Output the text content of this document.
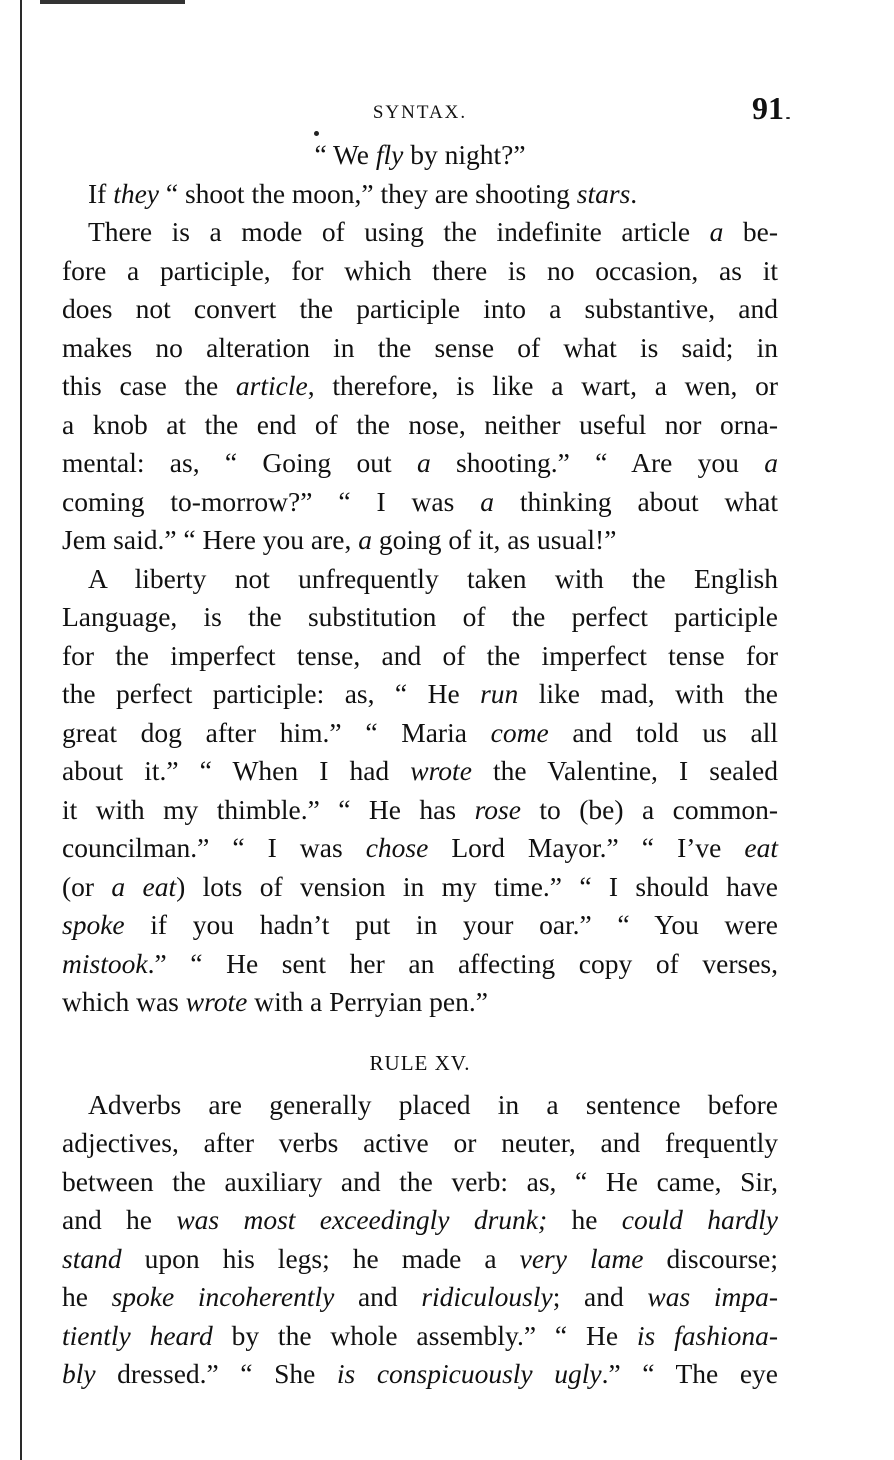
SYNTAX.	91
“ We fly by night?”
If they “ shoot the moon,” they are shooting stars.
There is a mode of using the indefinite article a be-
fore a participle, for which there is no occasion, as it
does not convert the participle into a substantive, and
makes no alteration in the sense of what is said; in
this case the article, therefore, is like a wart, a wen, or
a knob at the end of the nose, neither useful nor orna-
mental: as, “ Going out a shooting.” “ Are you a
coming to-morrow?” “ I was a thinking about what
Jem said.” “ Here you are, a going of it, as usual!”
A liberty not unfrequently taken with the English
Language, is the substitution of the perfect participle
for the imperfect tense, and of the imperfect tense for
the perfect participle: as, “ He run like mad, with the
great dog after him.” “ Maria come and told us all
about it.” “ When I had wrote the Valentine, I sealed
it with my thimble.” “ He has rose to (be) a common-
councilman.” “ I was chose Lord Mayor.” “ I’ve eat
(or a eat) lots of vension in my time.” “ I should have
spoke if you hadn’t put in your oar.” “ You were
mistook.” “ He sent her an affecting copy of verses,
which was wrote with a Perryian pen.”
RULE XV.
Adverbs are generally placed in a sentence before
adjectives, after verbs active or neuter, and frequently
between the auxiliary and the verb: as, “ He came, Sir,
and he was most exceedingly drunk; he could hardly
stand upon his legs; he made a very lame discourse;
he spoke incoherently and ridiculously; and was impa-
tiently heard by the whole assembly.” “ He is fashiona-
bly dressed.” “ She is conspicuously ugly.” “ The eye
